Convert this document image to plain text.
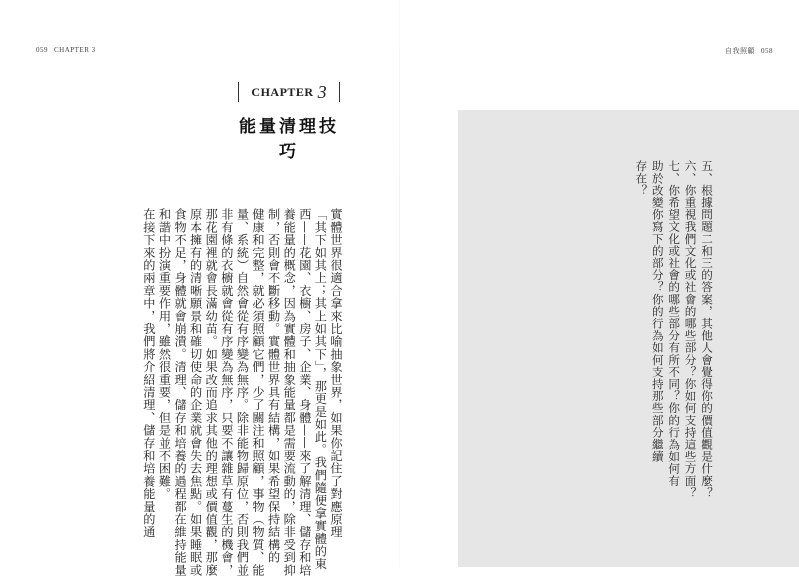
059 CHAPTER 3	自我照顧 058
CHAPTER 3
能量清理技巧

實體世界很適合拿來比喻抽象世界，如果你記住了對應原理

「其下如其上；其上如其下」，那更是如此。我們隨便拿實體的東

西——花園、衣櫥、房子、企業、身體——來了解清理、儲存和培

養能量的概念，因為實體和抽象能量都是需要流動的，除非受到抑

制，否則會不斷移動。實體世界具有結構，如果希望保持結構的

健康和完整，就必須照顧它們，少了關注和照顧，事物（物質、能

量、系統）自然會從有序變為無序。除非能物歸原位，否則我們並

非有條的衣櫥就會從有序變為無序，只要不讓雜草有蔓生的機會，

那花園裡就會長滿幼苗。如果改而追求其他的理想或價值觀，那麼

原本擁有的清晰願景和確切使命的企業就會失去焦點。如果睡眠或

食物不足，身體就會崩潰。清理、儲存和培養的過程都在維持能量

和諧中扮演重要作用，雖然很重要，但是並不困難。

在接下來的兩章中，我們將介紹清理、儲存和培養能量的通	五、根據問題二和三的答案，其他人會覺得你的價值觀是什麼？

六、你重視我們文化或社會的哪些部分？你如何支持這些方面？

七、你希望文化或社會的哪些部分有所不同？你的行為如何有

助於改變你寫下的部分？你的行為如何支持那些部分繼續

存在？
